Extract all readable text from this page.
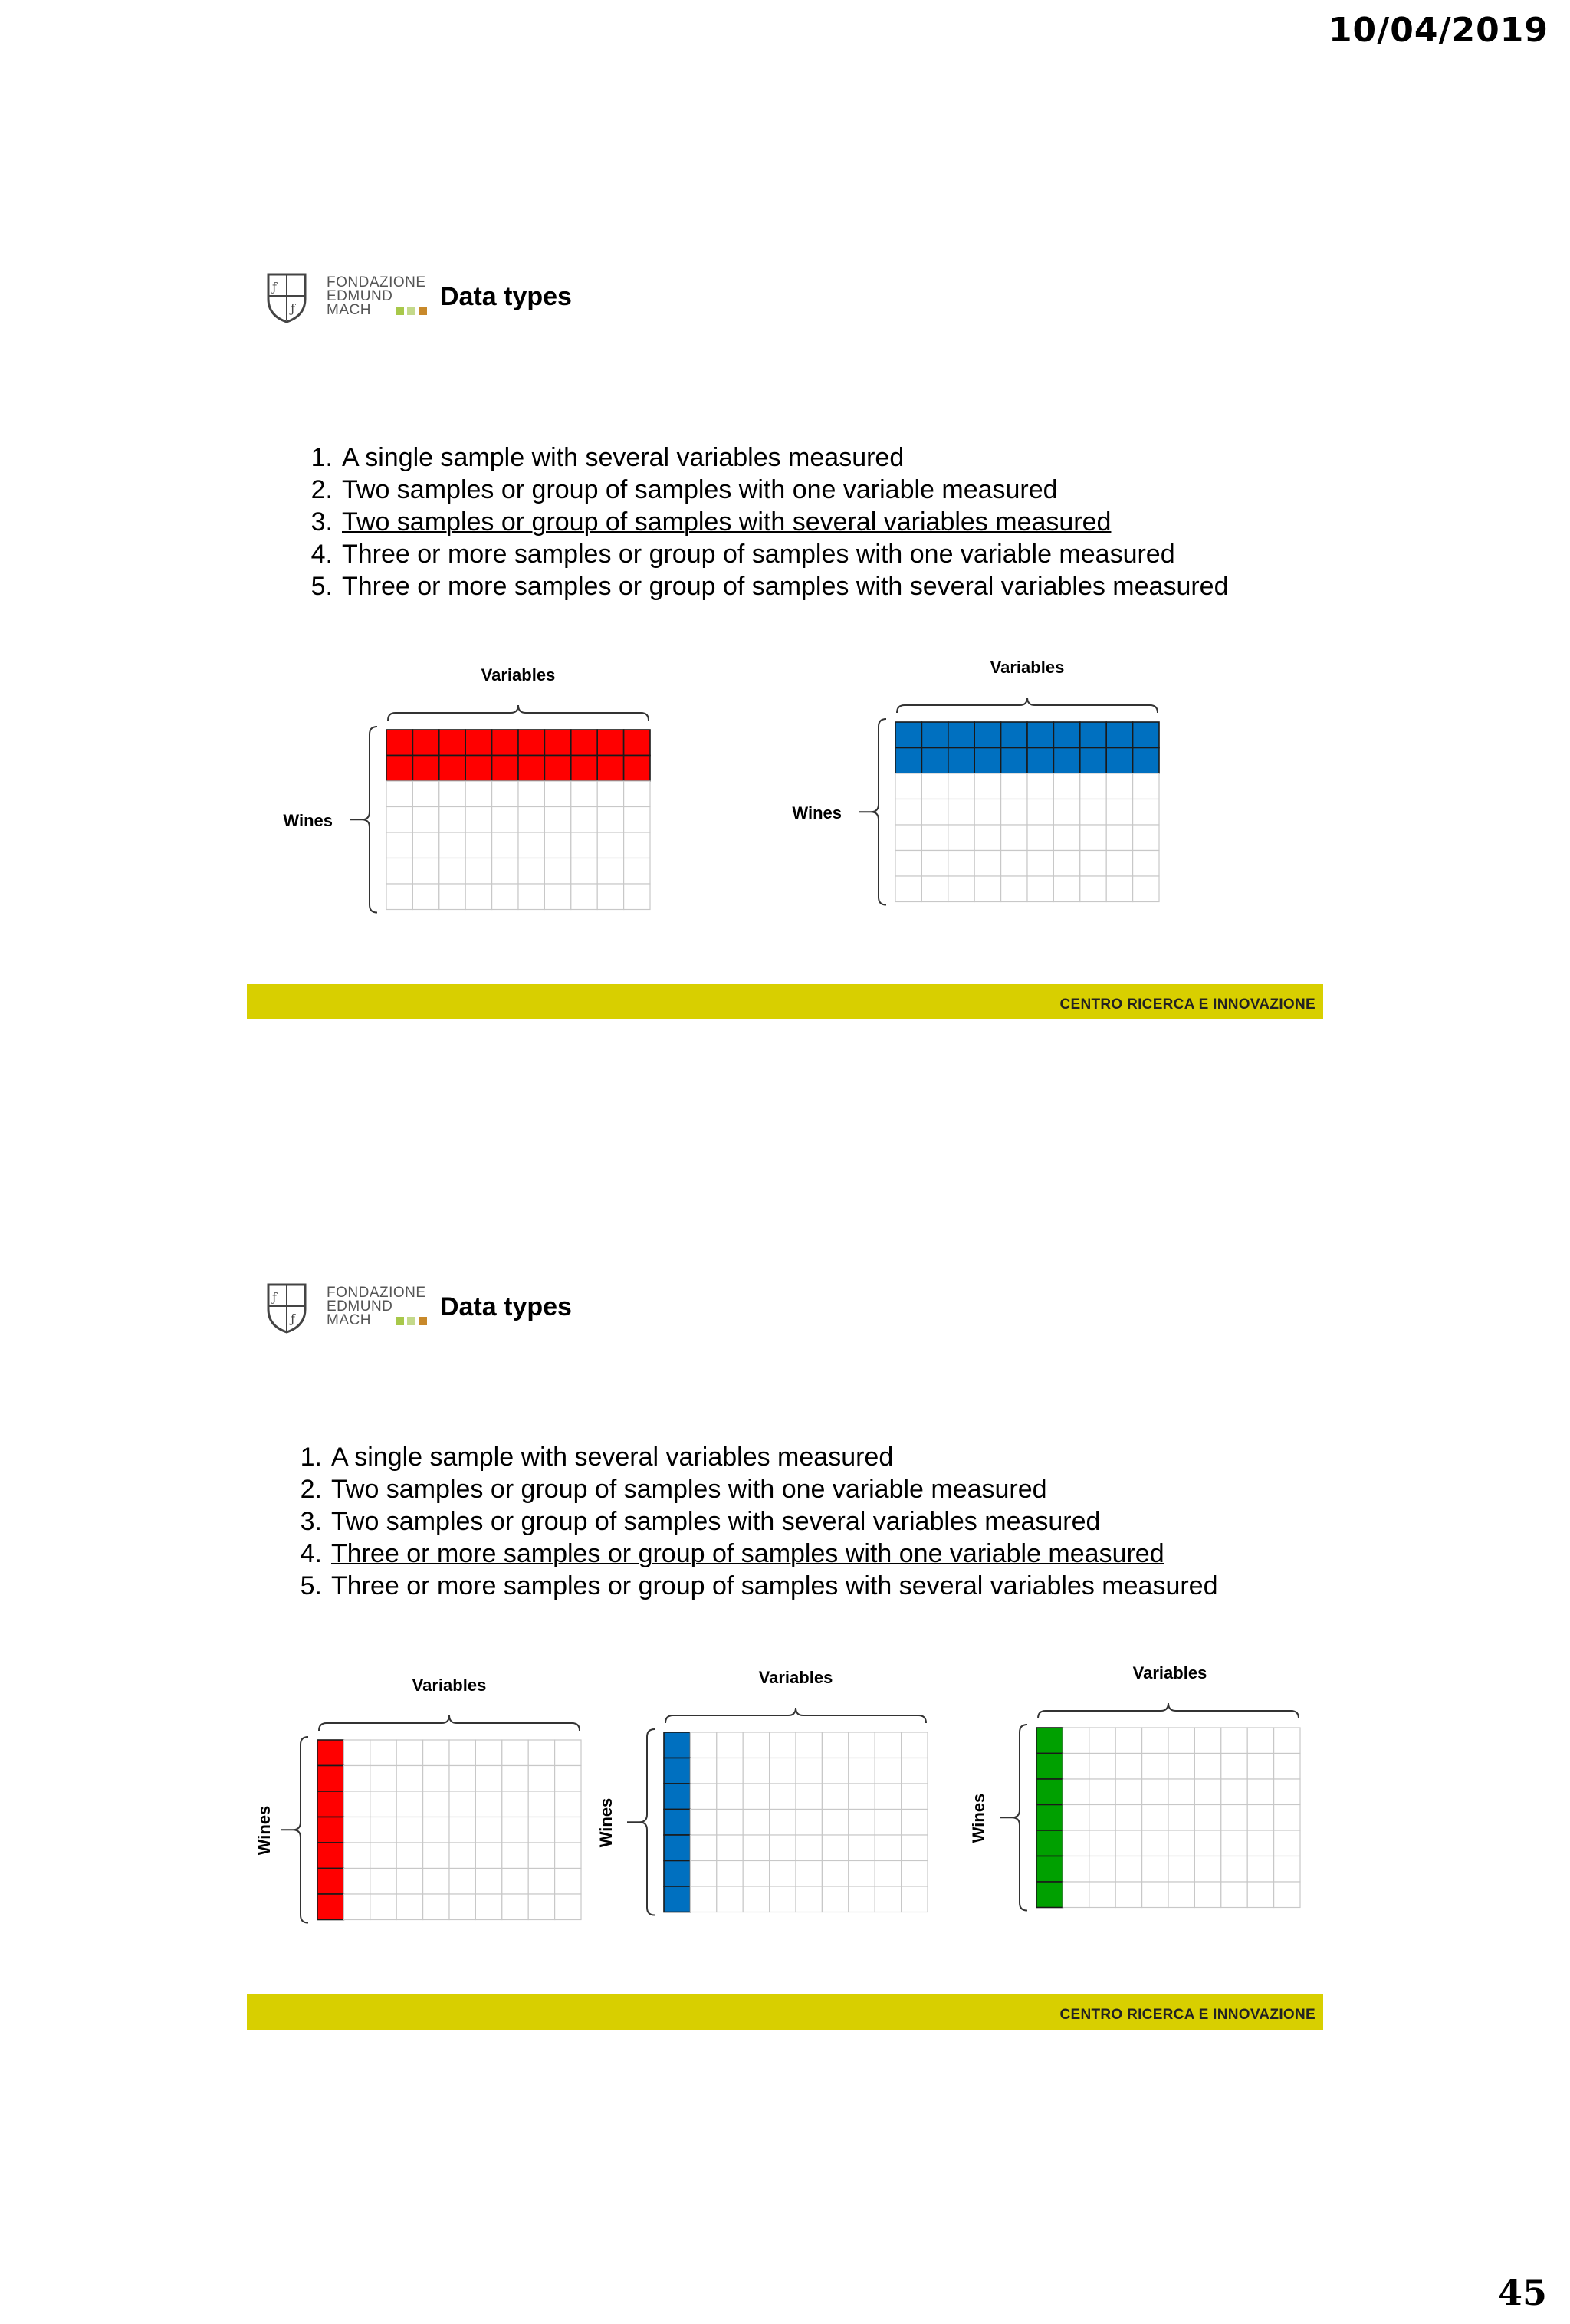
10/04/2019
ƒ
ƒ
FONDAZIONE
EDMUND
MACH	Data types
1. A single sample with several variables measured
2. Two samples or group of samples with one variable measured
3. Two samples or group of samples with several variables measured
4. Three or more samples or group of samples with one variable measured
5. Three or more samples or group of samples with several variables measured
Variables
Wines
Variables
Wines
CENTRO RICERCA E INNOVAZIONE
ƒ
ƒ
FONDAZIONE
EDMUND
MACH	Data types
1. A single sample with several variables measured
2. Two samples or group of samples with one variable measured
3. Two samples or group of samples with several variables measured
4. Three or more samples or group of samples with one variable measured
5. Three or more samples or group of samples with several variables measured
Variables
Wines
Variables
Wines
Variables
Wines
CENTRO RICERCA E INNOVAZIONE
45
